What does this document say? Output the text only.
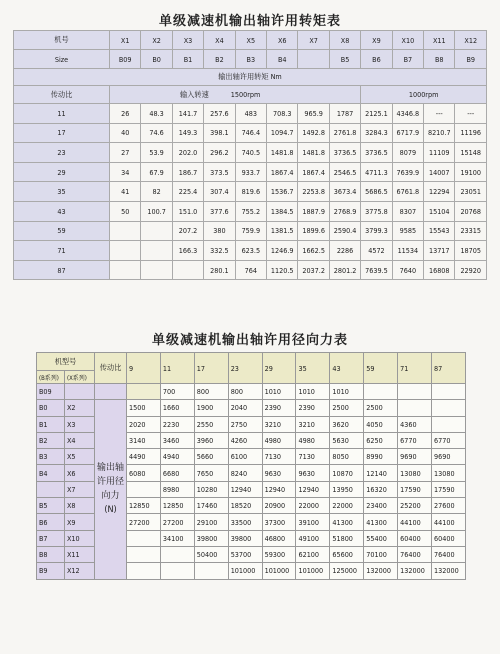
单级减速机输出轴许用转矩表
机号	X1	X2	X3	X4	X5	X6	X7	X8	X9	X10	X11	X12
Size	B09	B0	B1	B2	B3	B4		B5	B6	B7	B8	B9
输出轴许用转矩 Nm												
传动比	输入转速 1500rpm								1000rpm			
11	26	48.3	141.7	257.6	483	708.3	965.9	1787	2125.1	4346.8	---	---
17	40	74.6	149.3	398.1	746.4	1094.7	1492.8	2761.8	3284.3	6717.9	8210.7	11196
23	27	53.9	202.0	296.2	740.5	1481.8	1481.8	3736.5	3736.5	8079	11109	15148
29	34	67.9	186.7	373.5	933.7	1867.4	1867.4	2546.5	4711.3	7639.9	14007	19100
35	41	82	225.4	307.4	819.6	1536.7	2253.8	3673.4	5686.5	6761.8	12294	23051
43	50	100.7	151.0	377.6	755.2	1384.5	1887.9	2768.9	3775.8	8307	15104	20768
59			207.2	380	759.9	1381.5	1899.6	2590.4	3799.3	9585	15543	23315
71			166.3	332.5	623.5	1246.9	1662.5	2286	4572	11534	13717	18705
87				280.1	764	1120.5	2037.2	2801.2	7639.5	7640	16808	22920
单级减速机输出轴许用径向力表
机型号		传动比	9	11	17	23	29	35	43	59	71	87
(B系列)	(X系列)											
B09				700	800	800	1010	1010	1010			
B0	X2	输出轴许用径向力(N)	1500	1660	1900	2040	2390	2390	2500	2500		
B1	X3		2020	2230	2550	2750	3210	3210	3620	4050	4360	
B2	X4		3140	3460	3960	4260	4980	4980	5630	6250	6770	6770
B3	X5		4490	4940	5660	6100	7130	7130	8050	8990	9690	9690
B4	X6		6080	6680	7650	8240	9630	9630	10870	12140	13080	13080
	X7			8980	10280	12940	12940	12940	13950	16320	17590	17590
B5	X8		12850	12850	17460	18520	20900	22000	22000	23400	25200	27600
B6	X9		27200	27200	29100	33500	37300	39100	41300	41300	44100	44100
B7	X10			34100	39800	39800	46800	49100	51800	55400	60400	60400
B8	X11				50400	53700	59300	62100	65600	70100	76400	76400
B9	X12					101000	101000	101000	125000	132000	132000	132000
